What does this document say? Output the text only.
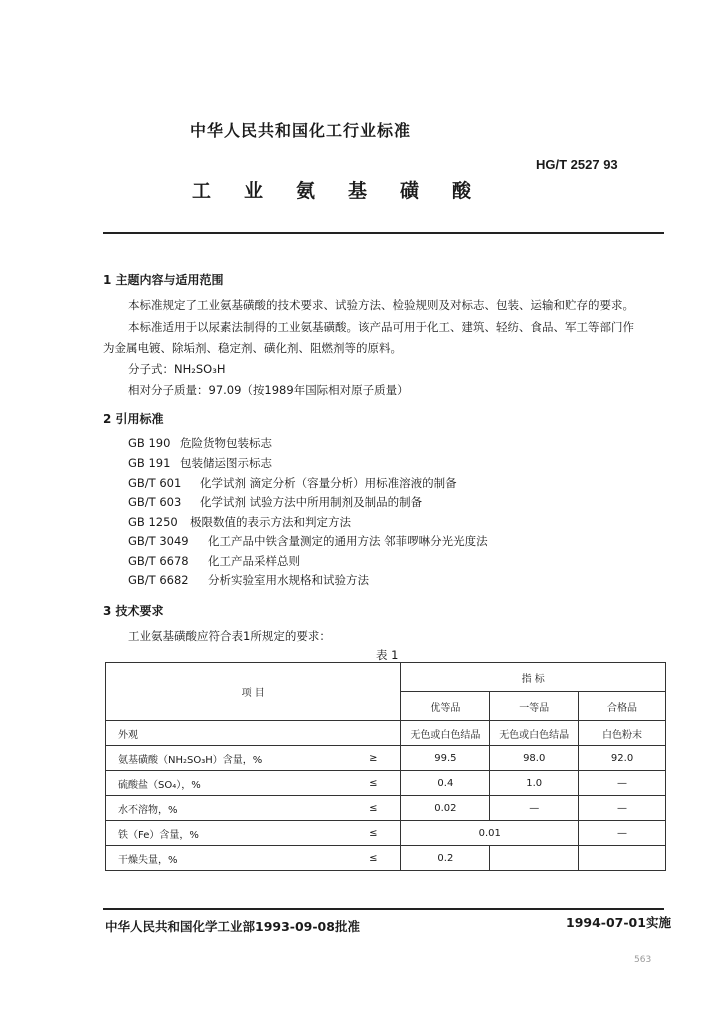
中华人民共和国化工行业标准
HG/T 2527 93
工业氨基磺酸
1 主题内容与适用范围
本标准规定了工业氨基磺酸的技术要求、试验方法、检验规则及对标志、包装、运输和贮存的要求。
本标准适用于以尿素法制得的工业氨基磺酸。该产品可用于化工、建筑、轻纺、食品、军工等部门作
为金属电镀、除垢剂、稳定剂、磺化剂、阻燃剂等的原料。
分子式：NH₂SO₃H
相对分子质量：97.09（按1989年国际相对原子质量）
2 引用标准
GB 190 危险货物包装标志
GB 191 包装储运图示标志
GB/T 601 化学试剂 滴定分析（容量分析）用标准溶液的制备
GB/T 603 化学试剂 试验方法中所用制剂及制品的制备
GB 1250 极限数值的表示方法和判定方法
GB/T 3049 化工产品中铁含量测定的通用方法 邻菲啰啉分光光度法
GB/T 6678 化工产品采样总则
GB/T 6682 分析实验室用水规格和试验方法
3 技术要求
工业氨基磺酸应符合表1所规定的要求：
表 1
项 目		指 标		
		优等品	一等品	合格品
外观		无色或白色结晶	无色或白色结晶	白色粉末
氨基磺酸（NH₂SO₃H）含量，%	≥	99.5	98.0	92.0
硫酸盐（SO₄），%	≤	0.4	1.0	—
水不溶物，%	≤	0.02	—	—
铁（Fe）含量，%	≤	0.01		—
干燥失量，%	≤	0.2		
中华人民共和国化学工业部1993-09-08批准	1994-07-01实施
563
